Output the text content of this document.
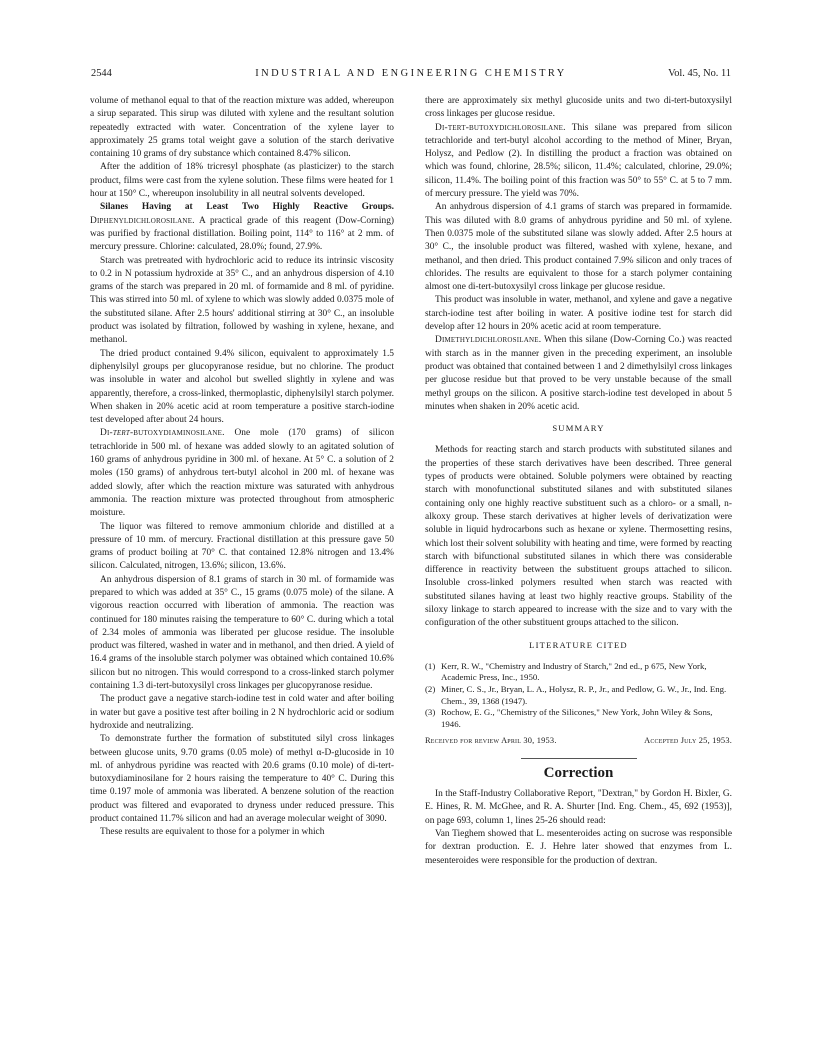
2544	INDUSTRIAL AND ENGINEERING CHEMISTRY	Vol. 45, No. 11

volume of methanol equal to that of the reaction mixture was added, whereupon a sirup separated. This sirup was diluted with xylene and the resultant solution repeatedly extracted with water. Concentration of the xylene layer to approximately 25 grams total weight gave a solution of the starch derivative containing 10 grams of dry substance which contained 8.47% silicon.

After the addition of 18% tricresyl phosphate (as plasticizer) to the starch product, films were cast from the xylene solution. These films were heated for 1 hour at 150° C., whereupon insolubility in all neutral solvents developed.

Silanes Having at Least Two Highly Reactive Groups. Diphenyldichlorosilane. A practical grade of this reagent (Dow-Corning) was purified by fractional distillation. Boiling point, 114° to 116° at 2 mm. of mercury pressure. Chlorine: calculated, 28.0%; found, 27.9%.

Starch was pretreated with hydrochloric acid to reduce its intrinsic viscosity to 0.2 in N potassium hydroxide at 35° C., and an anhydrous dispersion of 4.10 grams of the starch was prepared in 20 ml. of formamide and 8 ml. of pyridine. This was stirred into 50 ml. of xylene to which was slowly added 0.0375 mole of the substituted silane. After 2.5 hours' additional stirring at 30° C., an insoluble product was isolated by filtration, followed by washing in xylene, hexane, and methanol.

The dried product contained 9.4% silicon, equivalent to approximately 1.5 diphenylsilyl groups per glucopyranose residue, but no chlorine. The product was insoluble in water and alcohol but swelled slightly in xylene and was apparently, therefore, a cross-linked, thermoplastic, diphenylsilyl starch polymer. When shaken in 20% acetic acid at room temperature a positive starch-iodine test developed after about 24 hours.

Di-tert-butoxydiaminosilane. One mole (170 grams) of silicon tetrachloride in 500 ml. of hexane was added slowly to an agitated solution of 160 grams of anhydrous pyridine in 300 ml. of hexane. At 5° C. a solution of 2 moles (150 grams) of anhydrous tert-butyl alcohol in 200 ml. of hexane was added slowly, after which the reaction mixture was saturated with anhydrous ammonia. The reaction mixture was protected throughout from atmospheric moisture.

The liquor was filtered to remove ammonium chloride and distilled at a pressure of 10 mm. of mercury. Fractional distillation at this pressure gave 50 grams of product boiling at 70° C. that contained 12.8% nitrogen and 13.4% silicon. Calculated, nitrogen, 13.6%; silicon, 13.6%.

An anhydrous dispersion of 8.1 grams of starch in 30 ml. of formamide was prepared to which was added at 35° C., 15 grams (0.075 mole) of the silane. A vigorous reaction occurred with liberation of ammonia. The reaction was continued for 180 minutes raising the temperature to 60° C. during which a total of 2.34 moles of ammonia was liberated per glucose residue. The insoluble product was filtered, washed in water and in methanol, and then dried. A yield of 16.4 grams of the insoluble starch polymer was obtained which contained 10.6% silicon but no nitrogen. This would correspond to a cross-linked starch polymer containing 1.3 di-tert-butoxysilyl cross linkages per glucopyranose residue.

The product gave a negative starch-iodine test in cold water and after boiling in water but gave a positive test after boiling in 2 N hydrochloric acid or sodium hydroxide and neutralizing.

To demonstrate further the formation of substituted silyl cross linkages between glucose units, 9.70 grams (0.05 mole) of methyl α-D-glucoside in 10 ml. of anhydrous pyridine was reacted with 20.6 grams (0.10 mole) of di-tert-butoxydiaminosilane for 2 hours raising the temperature to 40° C. During this time 0.197 mole of ammonia was liberated. A benzene solution of the reaction product was filtered and evaporated to dryness under reduced pressure. This product contained 11.7% silicon and had an average molecular weight of 3090.

These results are equivalent to those for a polymer in which

there are approximately six methyl glucoside units and two di-tert-butoxysilyl cross linkages per glucose residue.

Di-tert-butoxydichlorosilane. This silane was prepared from silicon tetrachloride and tert-butyl alcohol according to the method of Miner, Bryan, Holysz, and Pedlow (2). In distilling the product a fraction was obtained on which was found, chlorine, 28.5%; silicon, 11.4%; calculated, chlorine, 29.0%; silicon, 11.4%. The boiling point of this fraction was 50° to 55° C. at 5 to 7 mm. of mercury pressure. The yield was 70%.

An anhydrous dispersion of 4.1 grams of starch was prepared in formamide. This was diluted with 8.0 grams of anhydrous pyridine and 50 ml. of xylene. Then 0.0375 mole of the substituted silane was slowly added. After 2.5 hours at 30° C., the insoluble product was filtered, washed with xylene, hexane, and methanol, and then dried. This product contained 7.9% silicon and only traces of chlorides. The results are equivalent to those for a starch polymer containing almost one di-tert-butoxysilyl cross linkage per glucose residue.

This product was insoluble in water, methanol, and xylene and gave a negative starch-iodine test after boiling in water. A positive iodine test for starch did develop after 12 hours in 20% acetic acid at room temperature.

Dimethyldichlorosilane. When this silane (Dow-Corning Co.) was reacted with starch as in the manner given in the preceding experiment, an insoluble product was obtained that contained between 1 and 2 dimethylsilyl cross linkages per glucose residue but that proved to be very unstable because of the small methyl groups on the silicon. A positive starch-iodine test developed in about 5 minutes when shaken in 20% acetic acid.

SUMMARY

Methods for reacting starch and starch products with substituted silanes and the properties of these starch derivatives have been described. Three general types of products were obtained. Soluble polymers were obtained by reacting starch with monofunctional substituted silanes and with substituted silanes containing only one highly reactive substituent such as a chloro- or a small, n-alkoxy group. These starch derivatives at higher levels of derivatization were soluble in liquid hydrocarbons such as hexane or xylene. Thermosetting resins, which lost their solvent solubility with heating and time, were formed by reacting starch with bifunctional substituted silanes in which there was considerable difference in reactivity between the substituent groups attached to silicon. Insoluble cross-linked polymers resulted when starch was reacted with substituted silanes having at least two highly reactive groups. Stability of the siloxy linkage to starch appeared to increase with the size and to vary with the configuration of the other substituent groups attached to the silicon.

LITERATURE CITED
(1) Kerr, R. W., "Chemistry and Industry of Starch," 2nd ed., p 675, New York, Academic Press, Inc., 1950.
(2) Miner, C. S., Jr., Bryan, L. A., Holysz, R. P., Jr., and Pedlow, G. W., Jr., Ind. Eng. Chem., 39, 1368 (1947).
(3) Rochow, E. G., "Chemistry of the Silicones," New York, John Wiley & Sons, 1946.
Received for review April 30, 1953.	Accepted July 25, 1953.
Correction

In the Staff-Industry Collaborative Report, "Dextran," by Gordon H. Bixler, G. E. Hines, R. M. McGhee, and R. A. Shurter [Ind. Eng. Chem., 45, 692 (1953)], on page 693, column 1, lines 25-26 should read:

Van Tieghem showed that L. mesenteroides acting on sucrose was responsible for dextran production. E. J. Hehre later showed that enzymes from L. mesenteroides were responsible for the production of dextran.
